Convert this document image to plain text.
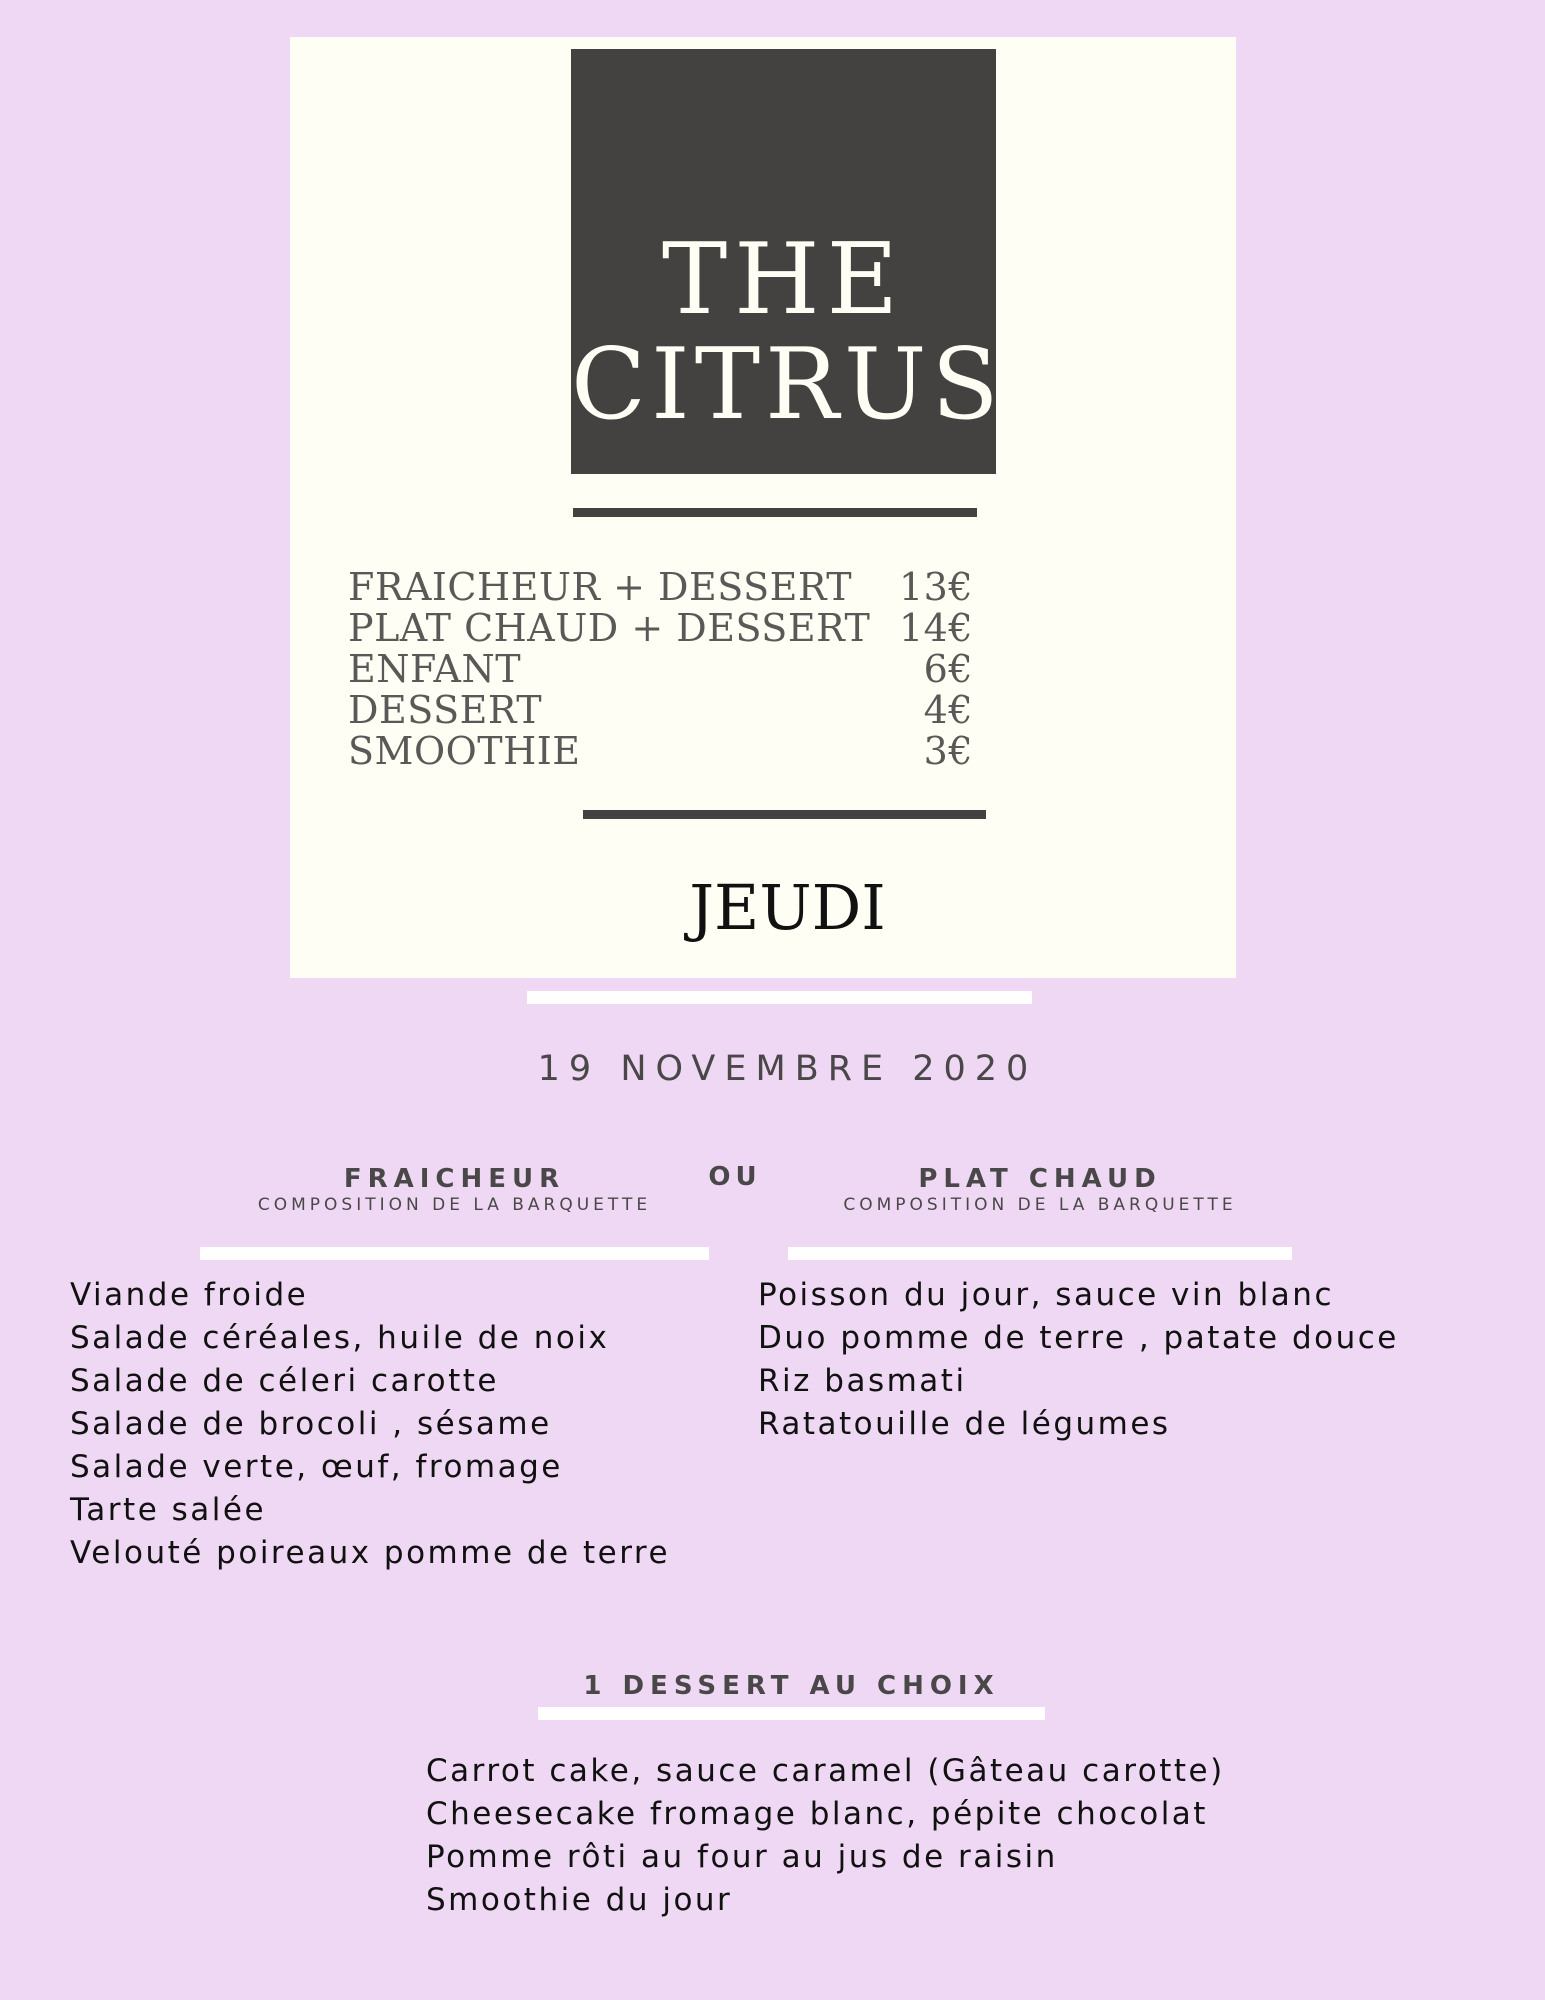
THE
CITRUS
FRAICHEUR + DESSERT 13€
PLAT CHAUD + DESSERT 14€
ENFANT	6€
DESSERT	4€
SMOOTHIE	3€
JEUDI
19 NOVEMBRE 2020
FRAICHEUR
COMPOSITION DE LA BARQUETTE
OU	PLAT CHAUD
COMPOSITION DE LA BARQUETTE
Viande froide
Salade céréales, huile de noix
Salade de céleri carotte
Salade de brocoli , sésame
Salade verte, œuf, fromage
Tarte salée
Velouté poireaux pomme de terre
Poisson du jour, sauce vin blanc
Duo pomme de terre , patate douce
Riz basmati
Ratatouille de légumes
1 DESSERT AU CHOIX
Carrot cake, sauce caramel (Gâteau carotte)
Cheesecake fromage blanc, pépite chocolat
Pomme rôti au four au jus de raisin
Smoothie du jour
